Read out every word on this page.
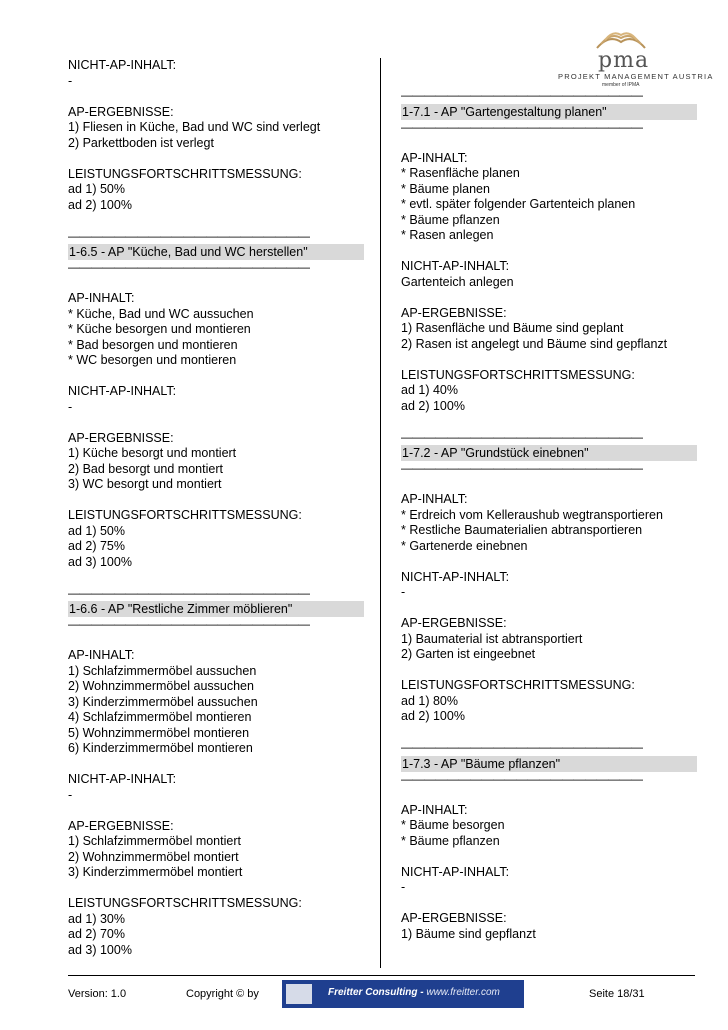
pma
PROJEKT MANAGEMENT AUSTRIA
member of IPMA
NICHT-AP-INHALT:
-
AP-ERGEBNISSE:
1) Fliesen in Küche, Bad und WC sind verlegt
2) Parkettboden ist verlegt
LEISTUNGSFORTSCHRITTSMESSUNG:
ad 1) 50%
ad 2) 100%
—————————————————————
1-6.5 - AP "Küche, Bad und WC herstellen"
—————————————————————
AP-INHALT:
* Küche, Bad und WC aussuchen
* Küche besorgen und montieren
* Bad besorgen und montieren
* WC besorgen und montieren
NICHT-AP-INHALT:
-
AP-ERGEBNISSE:
1) Küche besorgt und montiert
2) Bad besorgt und montiert
3) WC besorgt und montiert
LEISTUNGSFORTSCHRITTSMESSUNG:
ad 1) 50%
ad 2) 75%
ad 3) 100%
—————————————————————
1-6.6 - AP "Restliche Zimmer möblieren"
—————————————————————
AP-INHALT:
1) Schlafzimmermöbel aussuchen
2) Wohnzimmermöbel aussuchen
3) Kinderzimmermöbel aussuchen
4) Schlafzimmermöbel montieren
5) Wohnzimmermöbel montieren
6) Kinderzimmermöbel montieren
NICHT-AP-INHALT:
-
AP-ERGEBNISSE:
1) Schlafzimmermöbel montiert
2) Wohnzimmermöbel montiert
3) Kinderzimmermöbel montiert
LEISTUNGSFORTSCHRITTSMESSUNG:
ad 1) 30%
ad 2) 70%
ad 3) 100%
—————————————————————
1-7.1 - AP "Gartengestaltung planen"
—————————————————————
AP-INHALT:
* Rasenfläche planen
* Bäume planen
* evtl. später folgender Gartenteich planen
* Bäume pflanzen
* Rasen anlegen
NICHT-AP-INHALT:
Gartenteich anlegen
AP-ERGEBNISSE:
1) Rasenfläche und Bäume sind geplant
2) Rasen ist angelegt und Bäume sind gepflanzt
LEISTUNGSFORTSCHRITTSMESSUNG:
ad 1) 40%
ad 2) 100%
—————————————————————
1-7.2 - AP "Grundstück einebnen"
—————————————————————
AP-INHALT:
* Erdreich vom Kelleraushub wegtransportieren
* Restliche Baumaterialien abtransportieren
* Gartenerde einebnen
NICHT-AP-INHALT:
-
AP-ERGEBNISSE:
1) Baumaterial ist abtransportiert
2) Garten ist eingeebnet
LEISTUNGSFORTSCHRITTSMESSUNG:
ad 1) 80%
ad 2) 100%
—————————————————————
1-7.3 - AP "Bäume pflanzen"
—————————————————————
AP-INHALT:
* Bäume besorgen
* Bäume pflanzen
NICHT-AP-INHALT:
-
AP-ERGEBNISSE:
1) Bäume sind gepflanzt
Version: 1.0	Copyright © by	Freitter Consulting - www.freitter.com	Seite 18/31
